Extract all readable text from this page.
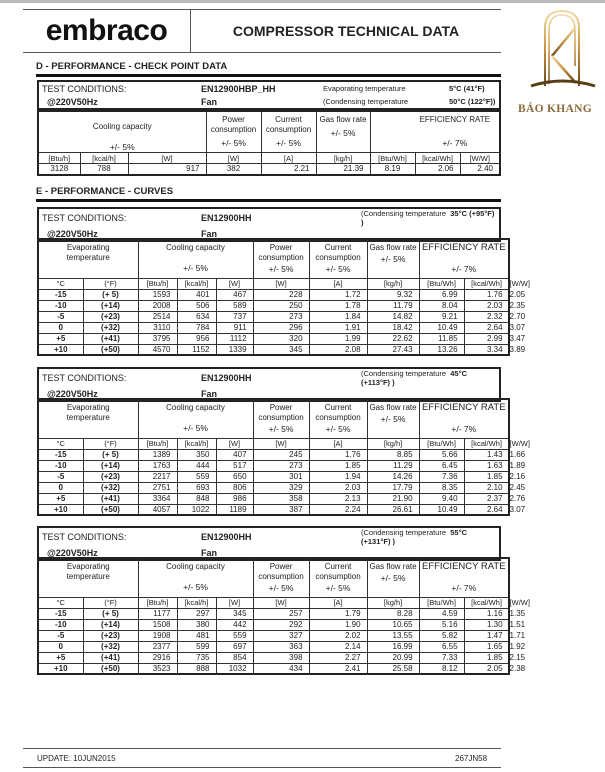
embraco	COMPRESSOR TECHNICAL DATA
BẢO KHANG
D - PERFORMANCE - CHECK POINT DATA
TEST CONDITIONS:	EN12900HBP_HH	Evaporating temperature	5°C (41°F)
@220V50Hz	Fan	(Condensing temperature	50°C (122°F))
Cooling capacity
+/- 5%

Power consumption
+/- 5%

Current consumption
+/- 5%

Gas flow rate
+/- 5%

EFFICIENCY RATE
+/- 7%

[Btu/h]	[kcal/h]	[W]	[W]	[A]	[kg/h]	[Btu/Wh]	[kcal/Wh]	[W/W]
3128	788	917	382	2.21	21.39	8.19	2.06	2.40
E - PERFORMANCE - CURVES
TEST CONDITIONS:	EN12900HH	(Condensing temperature 35°C (+95°F) )
@220V50Hz	Fan	
Evaporating temperature

Cooling capacity
+/- 5%

Power consumption
+/- 5%

Current consumption
+/- 5%

Gas flow rate
+/- 5%

EFFICIENCY RATE
+/- 7%

°C	(°F)	[Btu/h]	[kcal/h]	[W]	[W]	[A]	[kg/h]	[Btu/Wh]	[kcal/Wh]	[W/W]
-15	(+ 5)	1593	401	467	228	1.72	9.32	6.99	1.76	2.05
-10	(+14)	2008	506	589	250	1.78	11.79	8.04	2.03	2.35
-5	(+23)	2514	634	737	273	1.84	14.82	9.21	2.32	2.70
0	(+32)	3110	784	911	296	1.91	18.42	10.49	2.64	3.07
+5	(+41)	3795	956	1112	320	1.99	22.62	11.85	2.99	3.47
+10	(+50)	4570	1152	1339	345	2.08	27.43	13.26	3.34	3.89
TEST CONDITIONS:	EN12900HH	(Condensing temperature 45°C (+113°F) )
@220V50Hz	Fan	
Evaporating temperature

Cooling capacity
+/- 5%

Power consumption
+/- 5%

Current consumption
+/- 5%

Gas flow rate
+/- 5%

EFFICIENCY RATE
+/- 7%

°C	(°F)	[Btu/h]	[kcal/h]	[W]	[W]	[A]	[kg/h]	[Btu/Wh]	[kcal/Wh]	[W/W]
-15	(+ 5)	1389	350	407	245	1.76	8.85	5.66	1.43	1.66
-10	(+14)	1763	444	517	273	1.85	11.29	6.45	1.63	1.89
-5	(+23)	2217	559	650	301	1.94	14.26	7.36	1.85	2.16
0	(+32)	2751	693	806	329	2.03	17.79	8.35	2.10	2.45
+5	(+41)	3364	848	986	358	2.13	21.90	9.40	2.37	2.76
+10	(+50)	4057	1022	1189	387	2.24	26.61	10.49	2.64	3.07
TEST CONDITIONS:	EN12900HH	(Condensing temperature 55°C (+131°F) )
@220V50Hz	Fan	
Evaporating temperature

Cooling capacity
+/- 5%

Power consumption
+/- 5%

Current consumption
+/- 5%

Gas flow rate
+/- 5%

EFFICIENCY RATE
+/- 7%

°C	(°F)	[Btu/h]	[kcal/h]	[W]	[W]	[A]	[kg/h]	[Btu/Wh]	[kcal/Wh]	[W/W]
-15	(+ 5)	1177	297	345	257	1.79	8.28	4.59	1.16	1.35
-10	(+14)	1508	380	442	292	1.90	10.65	5.16	1.30	1.51
-5	(+23)	1908	481	559	327	2.02	13.55	5.82	1.47	1.71
0	(+32)	2377	599	697	363	2.14	16.99	6.55	1.65	1.92
+5	(+41)	2916	735	854	398	2.27	20.99	7.33	1.85	2.15
+10	(+50)	3523	888	1032	434	2.41	25.58	8.12	2.05	2.38
UPDATE: 10JUN2015	267JN58
